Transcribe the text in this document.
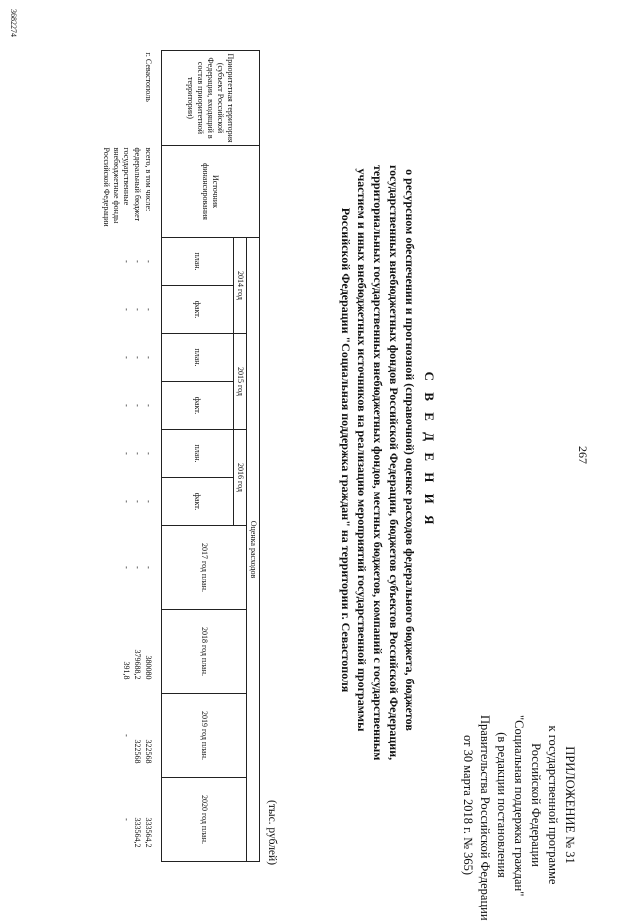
267
ПРИЛОЖЕНИЕ № 31
к государственной программе
Российской Федерации
"Социальная поддержка граждан"
(в редакции постановления
Правительства Российской Федерации
от 30 марта 2018 г. № 365)
С В Е Д Е Н И Я
о ресурсном обеспечении и прогнозной (справочной) оценке расходов федерального бюджета, бюджетов
государственных внебюджетных фондов Российской Федерации, бюджетов субъектов Российской Федерации,
территориальных государственных внебюджетных фондов, местных бюджетов, компаний с государственным
участием и иных внебюджетных источников на реализацию мероприятий государственной программы
Российской Федерации "Социальная поддержка граждан" на территории г. Севастополя
(тыс. рублей)
Приоритетная территория (субъект Российской Федерации, входящий в состав приоритетной территории)	Источник финансирования	Оценка расходов									
		2014 год		2015 год		2016 год		2017 год план.	2018 год план.	2019 год план.	2020 год план.
		план.	факт.	план.	факт.	план.	факт.				
г. Севастополь	всего, в том числе:	-	-	-	-	-	-	-	380080	322568	333564,2
	федеральный бюджет	-	-	-	-	-	-	-	379688,2	322568	333564,2
	государственные внебюджетные фонды Российской Федерации	-	-	-	-	-	-	-	391,8	-	-
3682274
